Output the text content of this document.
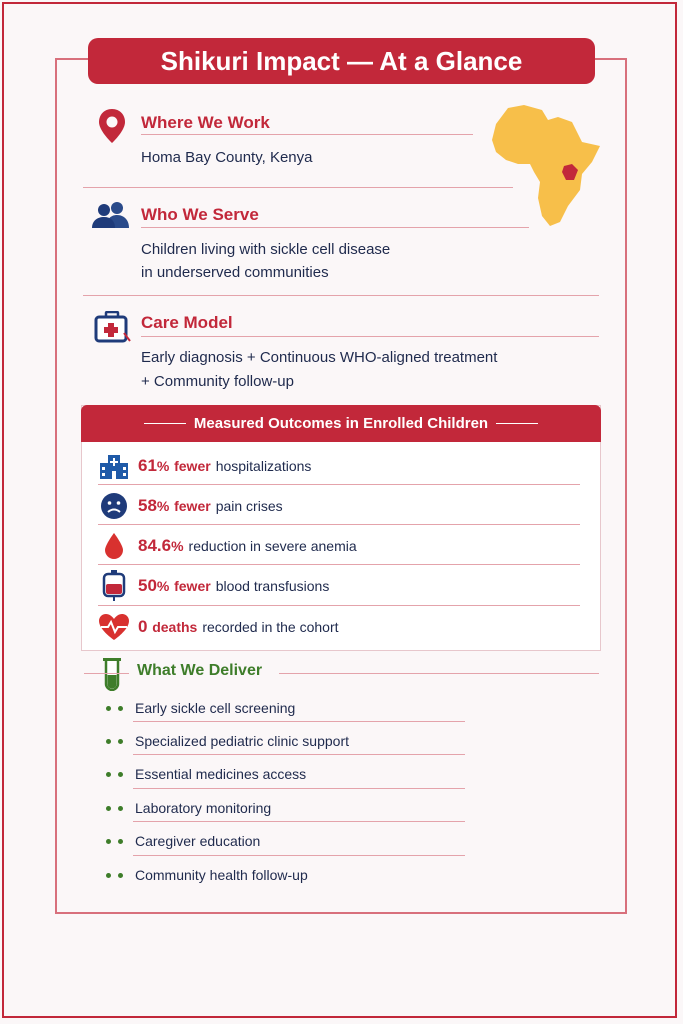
Shikuri Impact — At a Glance
Where We Work
Homa Bay County, Kenya
Who We Serve
Children living with sickle cell disease
in underserved communities
Care Model
Early diagnosis + Continuous WHO-aligned treatment
+ Community follow-up
Measured Outcomes in Enrolled Children
61% fewer hospitalizations
58% fewer pain crises
84.6% reduction in severe anemia
50% fewer blood transfusions
0 deaths recorded in the cohort
What We Deliver
Early sickle cell screening
Specialized pediatric clinic support
Essential medicines access
Laboratory monitoring
Caregiver education
Community health follow-up
